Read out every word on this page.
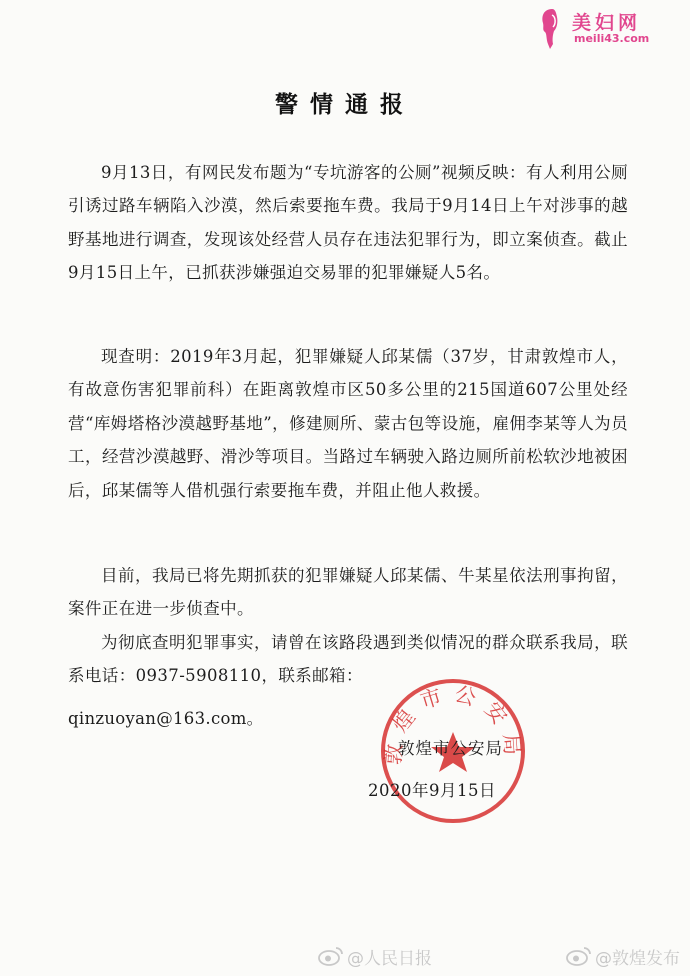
美妇网
meili43.com
警情通报

9月13日，有网民发布题为“专坑游客的公厕”视频反映：有人利用公厕引诱过路车辆陷入沙漠，然后索要拖车费。我局于9月14日上午对涉事的越野基地进行调查，发现该处经营人员存在违法犯罪行为，即立案侦查。截止9月15日上午，已抓获涉嫌强迫交易罪的犯罪嫌疑人5名。

现查明：2019年3月起，犯罪嫌疑人邱某儒（37岁，甘肃敦煌市人，有故意伤害犯罪前科）在距离敦煌市区50多公里的215国道607公里处经营“库姆塔格沙漠越野基地”，修建厕所、蒙古包等设施，雇佣李某等人为员工，经营沙漠越野、滑沙等项目。当路过车辆驶入路边厕所前松软沙地被困后，邱某儒等人借机强行索要拖车费，并阻止他人救援。

目前，我局已将先期抓获的犯罪嫌疑人邱某儒、牛某星依法刑事拘留，案件正在进一步侦查中。

为彻底查明犯罪事实，请曾在该路段遇到类似情况的群众联系我局，联系电话：0937-5908110，联系邮箱：

qinzuoyan@163.com。
敦煌市公安局
敦煌市公安局
2020年9月15日
@人民日报	@敦煌发布
